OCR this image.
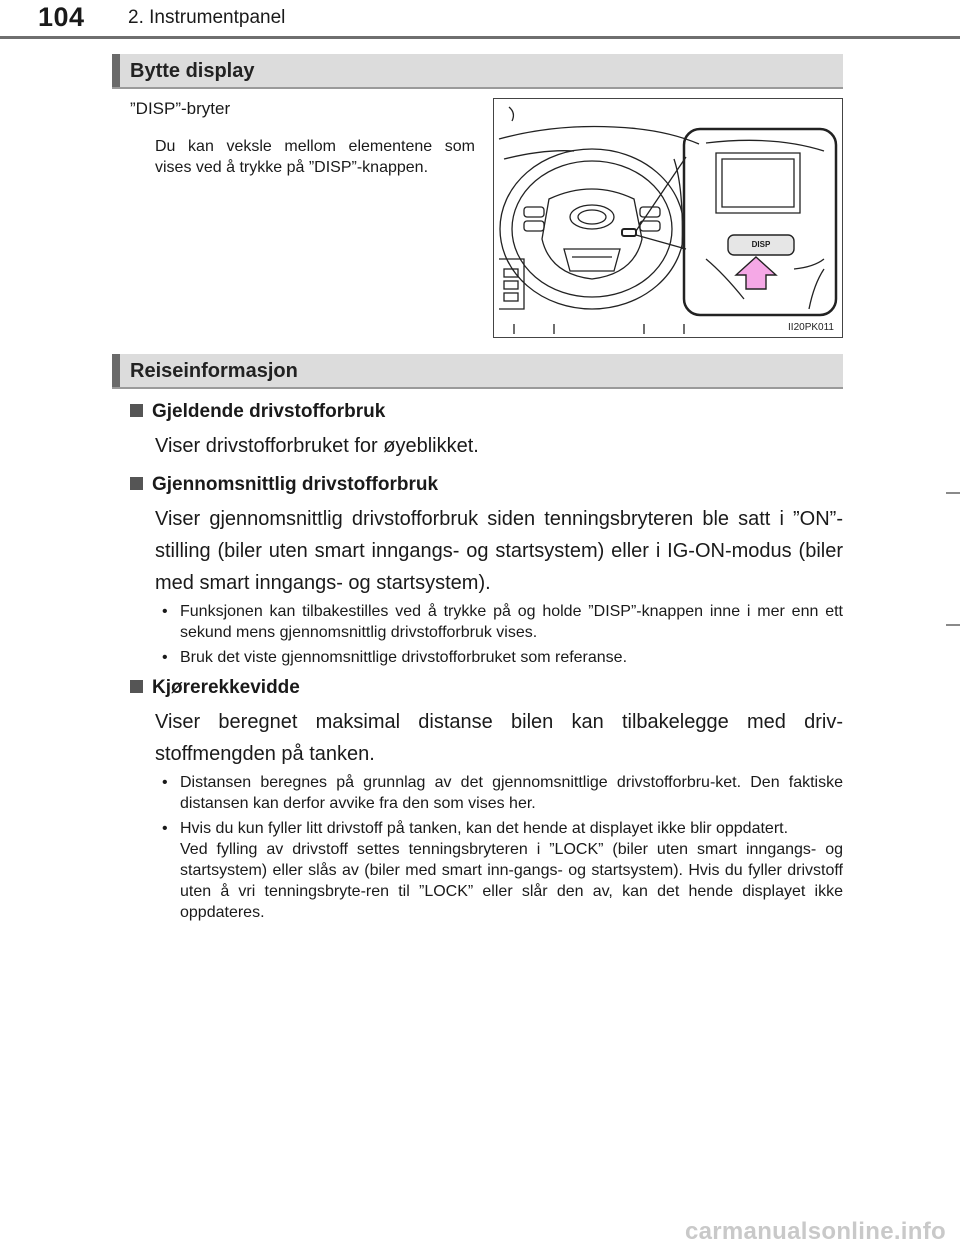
104 2. Instrumentpanel
Bytte display
”DISP”-bryter
Du kan veksle mellom elementene som vises ved å trykke på ”DISP”-knappen.
DISP
II20PK011
Reiseinformasjon
Gjeldende drivstofforbruk
Viser drivstofforbruket for øyeblikket.
Gjennomsnittlig drivstofforbruk
Viser gjennomsnittlig drivstofforbruk siden tenningsbryteren ble satt i ”ON”-stilling (biler uten smart inngangs- og startsystem) eller i IG-ON-modus (biler med smart inngangs- og startsystem).
• Funksjonen kan tilbakestilles ved å trykke på og holde ”DISP”-knappen inne i mer enn ett sekund mens gjennomsnittlig drivstofforbruk vises.
• Bruk det viste gjennomsnittlige drivstofforbruket som referanse.
Kjørerekkevidde
Viser beregnet maksimal distanse bilen kan tilbakelegge med driv-stoffmengden på tanken.
• Distansen beregnes på grunnlag av det gjennomsnittlige drivstofforbru-ket. Den faktiske distansen kan derfor avvike fra den som vises her.
• Hvis du kun fyller litt drivstoff på tanken, kan det hende at displayet ikke blir oppdatert.
Ved fylling av drivstoff settes tenningsbryteren i ”LOCK” (biler uten smart inngangs- og startsystem) eller slås av (biler med smart inn-gangs- og startsystem). Hvis du fyller drivstoff uten å vri tenningsbryte-ren til ”LOCK” eller slår den av, kan det hende displayet ikke oppdateres.
carmanualsonline.info
